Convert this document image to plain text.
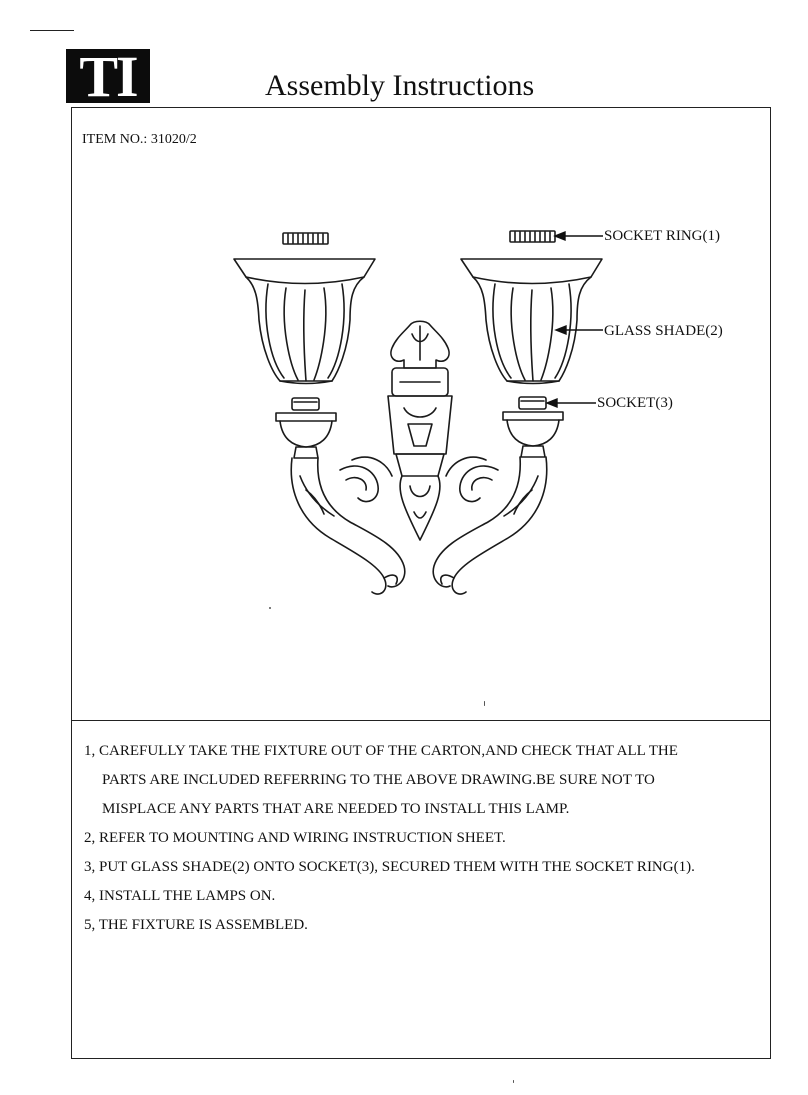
TI	Assembly Instructions
ITEM NO.: 31020/2
SOCKET RING(1)
GLASS SHADE(2)
SOCKET(3)
1, CAREFULLY TAKE THE FIXTURE OUT OF THE CARTON,AND CHECK THAT ALL THE
PARTS ARE INCLUDED REFERRING TO THE ABOVE DRAWING.BE SURE NOT TO
MISPLACE ANY PARTS THAT ARE NEEDED TO INSTALL THIS LAMP.
2, REFER TO MOUNTING AND WIRING INSTRUCTION SHEET.
3, PUT GLASS SHADE(2) ONTO SOCKET(3), SECURED THEM WITH THE SOCKET RING(1).
4, INSTALL THE LAMPS ON.
5, THE FIXTURE IS ASSEMBLED.
